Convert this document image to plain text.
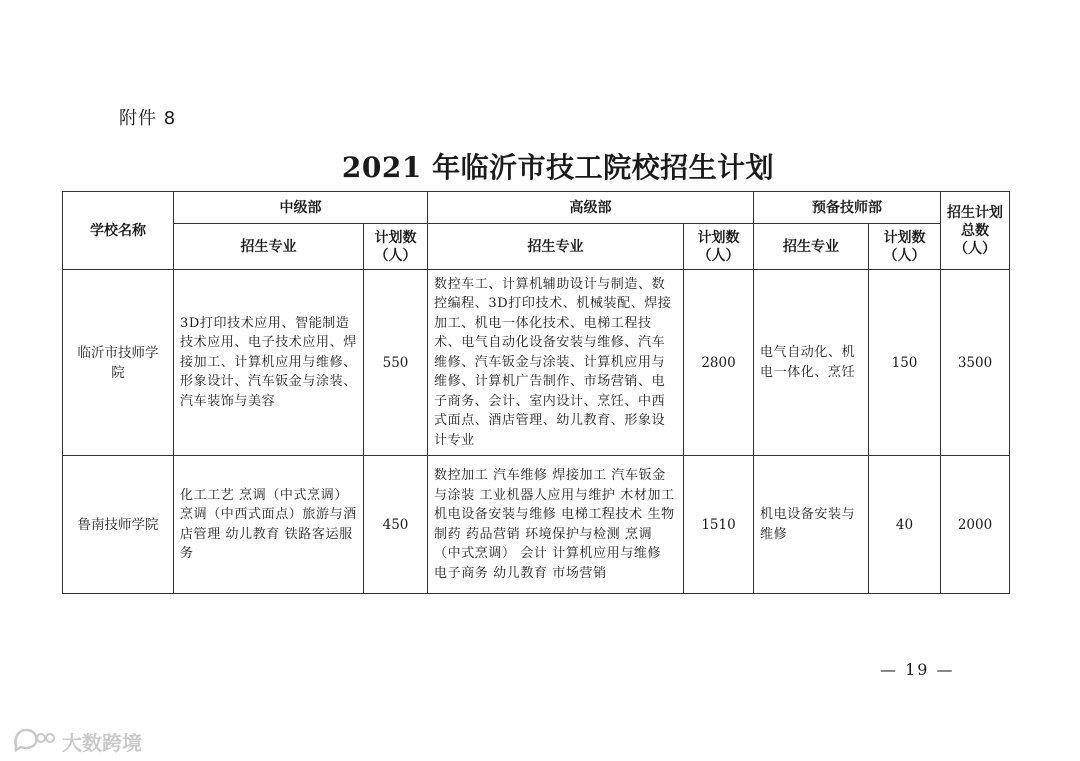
附件 8
2021 年临沂市技工院校招生计划
学校名称	中级部		高级部		预备技师部		招生计划总数（人）
	招生专业	计划数（人）	招生专业	计划数（人）	招生专业	计划数（人）	
临沂市技师学院	3D打印技术应用、智能制造技术应用、电子技术应用、焊接加工、计算机应用与维修、形象设计、汽车钣金与涂装、汽车装饰与美容	550	数控车工、计算机辅助设计与制造、数控编程、3D打印技术、机械装配、焊接加工、机电一体化技术、电梯工程技术、电气自动化设备安装与维修、汽车维修、汽车钣金与涂装、计算机应用与维修、计算机广告制作、市场营销、电子商务、会计、室内设计、烹饪、中西式面点、酒店管理、幼儿教育、形象设计专业	2800	电气自动化、机电一体化、烹饪	150	3500
鲁南技师学院	化工工艺 烹调（中式烹调） 烹调（中西式面点）旅游与酒店管理 幼儿教育 铁路客运服务	450	数控加工 汽车维修 焊接加工 汽车钣金与涂装 工业机器人应用与维护 木材加工 机电设备安装与维修 电梯工程技术 生物制药 药品营销 环境保护与检测 烹调（中式烹调） 会计 计算机应用与维修 电子商务 幼儿教育 市场营销	1510	机电设备安装与维修	40	2000
— 19 —
大数跨境
